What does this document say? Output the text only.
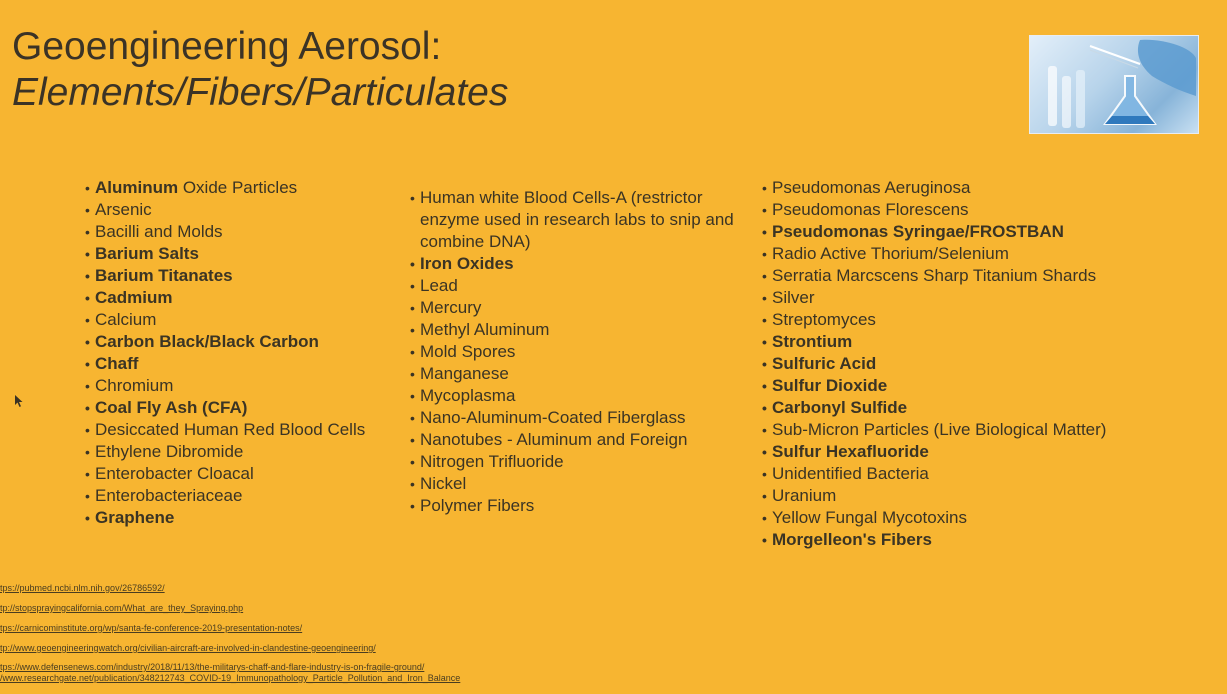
Geoengineering Aerosol:
Elements/Fibers/Particulates
• Aluminum Oxide Particles
• Arsenic
• Bacilli and Molds
• Barium Salts
• Barium Titanates
• Cadmium
• Calcium
• Carbon Black/Black Carbon
• Chaff
• Chromium
• Coal Fly Ash (CFA)
• Desiccated Human Red Blood Cells
• Ethylene Dibromide
• Enterobacter Cloacal
• Enterobacteriaceae
• Graphene
• Human white Blood Cells-A (restrictor enzyme used in research labs to snip and combine DNA)
• Iron Oxides
• Lead
• Mercury
• Methyl Aluminum
• Mold Spores
• Manganese
• Mycoplasma
• Nano-Aluminum-Coated Fiberglass
• Nanotubes - Aluminum and Foreign
• Nitrogen Trifluoride
• Nickel
• Polymer Fibers
• Pseudomonas Aeruginosa
• Pseudomonas Florescens
• Pseudomonas Syringae/FROSTBAN
• Radio Active Thorium/Selenium
• Serratia Marcscens Sharp Titanium Shards
• Silver
• Streptomyces
• Strontium
• Sulfuric Acid
• Sulfur Dioxide
• Carbonyl Sulfide
• Sub-Micron Particles (Live Biological Matter)
• Sulfur Hexafluoride
• Unidentified Bacteria
• Uranium
• Yellow Fungal Mycotoxins
• Morgelleon's Fibers
tps://pubmed.ncbi.nlm.nih.gov/26786592/
tp://stopsprayingcalifornia.com/What_are_they_Spraying.php
tps://carnicominstitute.org/wp/santa-fe-conference-2019-presentation-notes/
tp://www.geoengineeringwatch.org/civilian-aircraft-are-involved-in-clandestine-geoengineering/
tps://www.defensenews.com/industry/2018/11/13/the-militarys-chaff-and-flare-industry-is-on-fragile-ground/
/www.researchgate.net/publication/348212743_COVID-19_Immunopathology_Particle_Pollution_and_Iron_Balance
